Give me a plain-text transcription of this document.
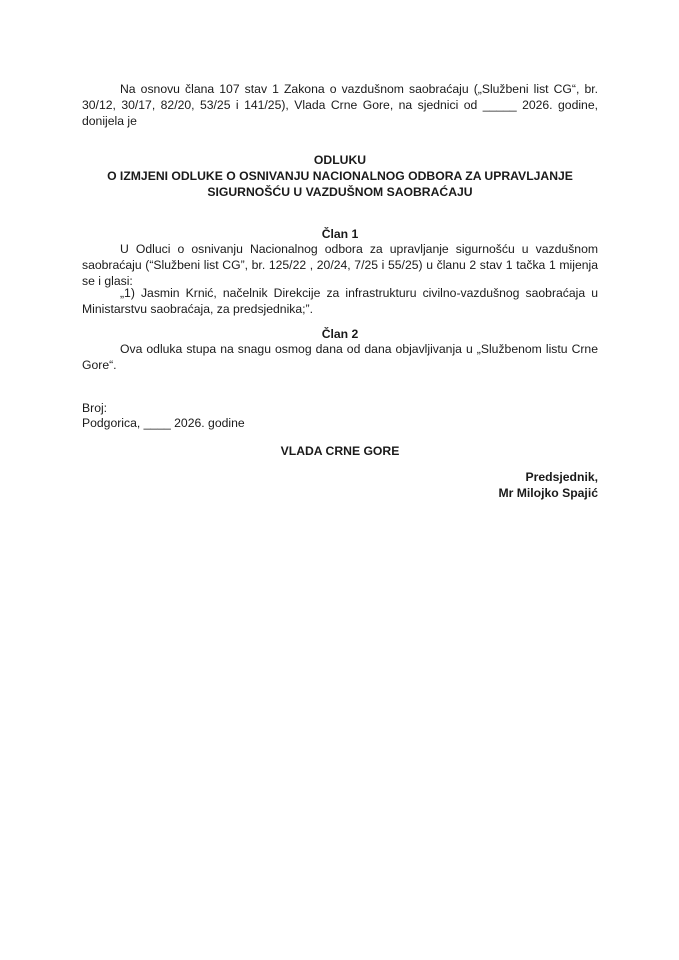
Na osnovu člana 107 stav 1 Zakona o vazdušnom saobraćaju („Službeni list CG“, br. 30/12, 30/17, 82/20, 53/25 i 141/25), Vlada Crne Gore, na sjednici od _____ 2026. godine, donijela je
ODLUKU
O IZMJENI ODLUKE O OSNIVANJU NACIONALNOG ODBORA ZA UPRAVLJANJE
SIGURNOŠĆU U VAZDUŠNOM SAOBRAĆAJU
Član 1
U Odluci o osnivanju Nacionalnog odbora za upravljanje sigurnošću u vazdušnom saobraćaju (“Službeni list CG”, br. 125/22 , 20/24, 7/25 i 55/25) u članu 2 stav 1 tačka 1 mijenja se i glasi:
„1) Jasmin Krnić, načelnik Direkcije za infrastrukturu civilno-vazdušnog saobraćaja u Ministarstvu saobraćaja, za predsjednika;”.
Član 2
Ova odluka stupa na snagu osmog dana od dana objavljivanja u „Službenom listu Crne Gore“.
Broj:
Podgorica, ____ 2026. godine
VLADA CRNE GORE
Predsjednik,
Mr Milojko Spajić
